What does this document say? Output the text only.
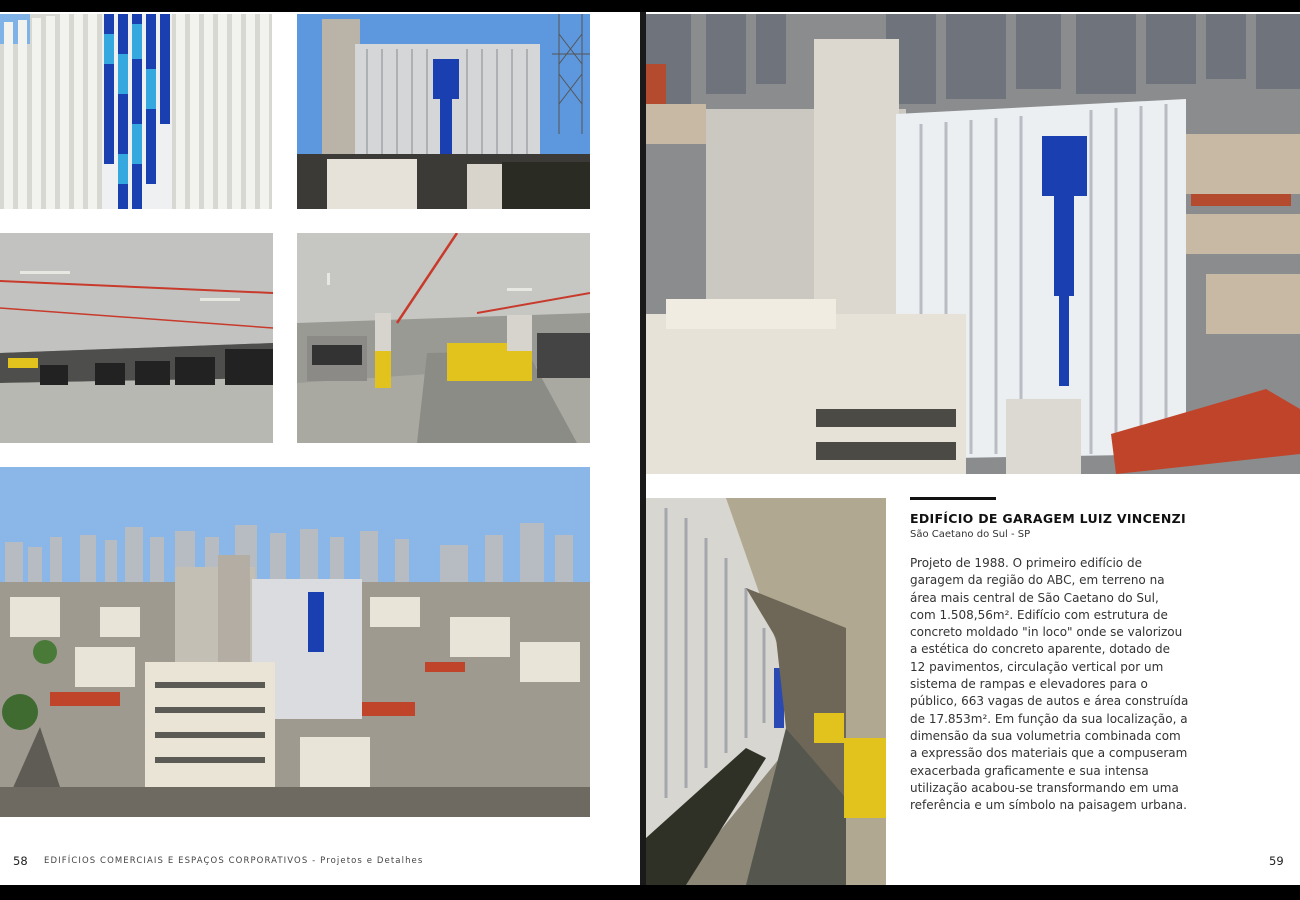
EDIFÍCIO DE GARAGEM LUIZ VINCENZI
São Caetano do Sul - SP
Projeto de 1988. O primeiro edifício de
garagem da região do ABC, em terreno na
área mais central de São Caetano do Sul,
com 1.508,56m². Edifício com estrutura de
concreto moldado "in loco" onde se valorizou
a estética do concreto aparente, dotado de
12 pavimentos, circulação vertical por um
sistema de rampas e elevadores para o
público, 663 vagas de autos e área construída
de 17.853m². Em função da sua localização, a
dimensão da sua volumetria combinada com
a expressão dos materiais que a compuseram
exacerbada graficamente e sua intensa
utilização acabou-se transformando em uma
referência e um símbolo na paisagem urbana.
58 EDIFÍCIOS COMERCIAIS E ESPAÇOS CORPORATIVOS - Projetos e Detalhes	59
